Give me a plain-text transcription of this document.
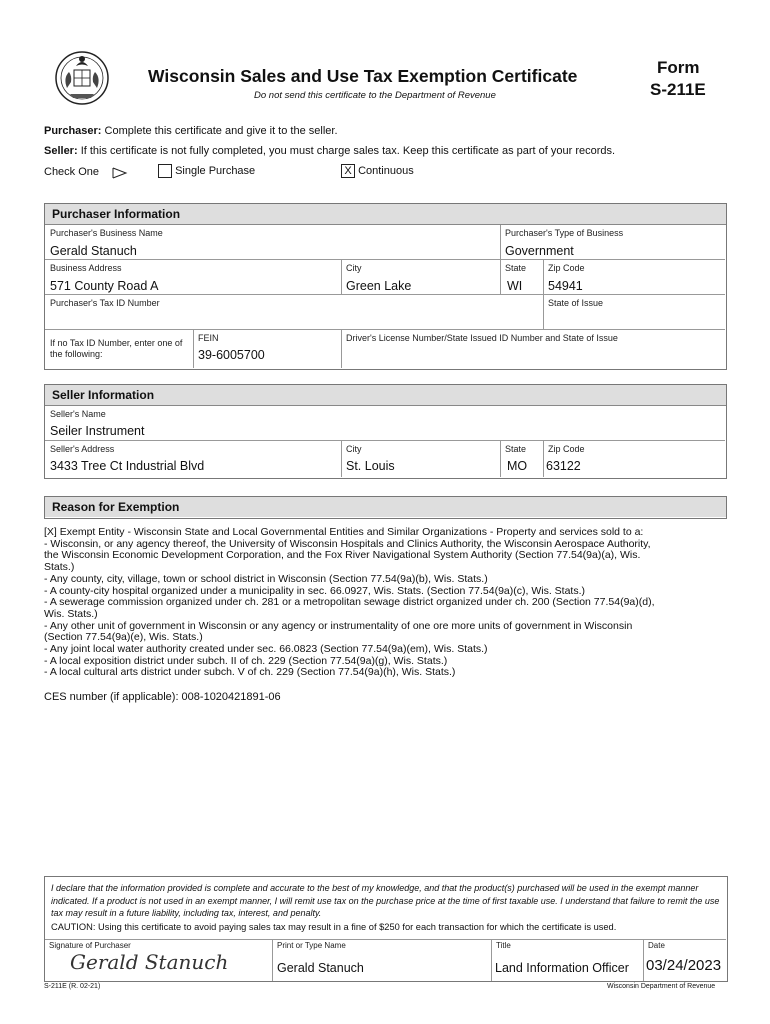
Wisconsin Sales and Use Tax Exemption Certificate
Do not send this certificate to the Department of Revenue
Form
S-211E
Purchaser: Complete this certificate and give it to the seller.
Seller: If this certificate is not fully completed, you must charge sales tax. Keep this certificate as part of your records.
Check One	Single Purchase	X Continuous
Purchaser Information
Purchaser's Business Name
Gerald Stanuch
Purchaser's Type of Business
Government
Business Address
571 County Road A
City
Green Lake
State
WI
Zip Code
54941
Purchaser's Tax ID Number	State of Issue
If no Tax ID Number, enter one of the following:
FEIN
39-6005700
Driver's License Number/State Issued ID Number and State of Issue
Seller Information
Seller's Name
Seiler Instrument
Seller's Address
3433 Tree Ct Industrial Blvd
City
St. Louis
State
MO
Zip Code
63122
Reason for Exemption

[X] Exempt Entity - Wisconsin State and Local Governmental Entities and Similar Organizations - Property and services sold to a:

- Wisconsin, or any agency thereof, the University of Wisconsin Hospitals and Clinics Authority, the Wisconsin Aerospace Authority,

the Wisconsin Economic Development Corporation, and the Fox River Navigational System Authority (Section 77.54(9a)(a), Wis.

Stats.)

- Any county, city, village, town or school district in Wisconsin (Section 77.54(9a)(b), Wis. Stats.)

- A county-city hospital organized under a municipality in sec. 66.0927, Wis. Stats. (Section 77.54(9a)(c), Wis. Stats.)

- A sewerage commission organized under ch. 281 or a metropolitan sewage district organized under ch. 200 (Section 77.54(9a)(d),

Wis. Stats.)

- Any other unit of government in Wisconsin or any agency or instrumentality of one ore more units of government in Wisconsin

(Section 77.54(9a)(e), Wis. Stats.)

- Any joint local water authority created under sec. 66.0823 (Section 77.54(9a)(em), Wis. Stats.)

- A local exposition district under subch. II of ch. 229 (Section 77.54(9a)(g), Wis. Stats.)

- A local cultural arts district under subch. V of ch. 229 (Section 77.54(9a)(h), Wis. Stats.)

CES number (if applicable): 008-1020421891-06
I declare that the information provided is complete and accurate to the best of my knowledge, and that the product(s) purchased will be used in the exempt manner indicated. If a product is not used in an exempt manner, I will remit use tax on the purchase price at the time of first taxable use. I understand that failure to remit the use tax may result in a future liability, including tax, interest, and penalty.
CAUTION: Using this certificate to avoid paying sales tax may result in a fine of $250 for each transaction for which the certificate is used.
Signature of Purchaser
Gerald Stanuch
Print or Type Name
Gerald Stanuch
Title
Land Information Officer
Date
03/24/2023
S-211E (R. 02-21)	Wisconsin Department of Revenue
